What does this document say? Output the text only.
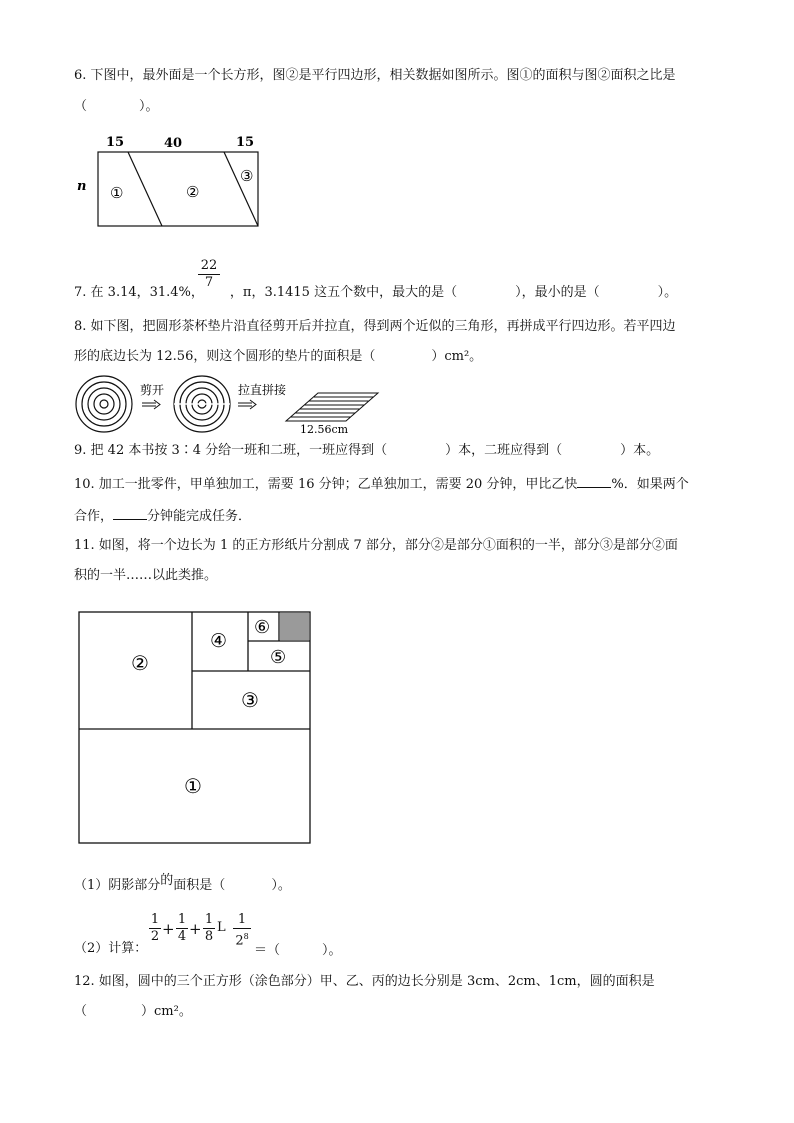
6. 下图中，最外面是一个长方形，图②是平行四边形，相关数据如图所示。图①的面积与图②面积之比是
（	）。
15	40	15
n ①	②
③
22
7
7. 在 3.14，31.4%， ，π，3.1415 这五个数中，最大的是（	），最小的是（	）。
8. 如下图，把圆形茶杯垫片沿直径剪开后并拉直，得到两个近似的三角形，再拼成平行四边形。若平四边
形的底边长为 12.56，则这个圆形的垫片的面积是（	）cm²。
剪开	拉直拼接
12.56cm
9. 把 42 本书按 3∶4 分给一班和二班，一班应得到（	）本，二班应得到（	）本。
10. 加工一批零件，甲单独加工，需要 16 分钟；乙单独加工，需要 20 分钟，甲比乙快	%．如果两个
合作，	分钟能完成任务．
11. 如图，将一个边长为 1 的正方形纸片分割成 7 部分，部分②是部分①面积的一半，部分③是部分②面
积的一半……以此类推。
①
②
③
④
⑤
⑥
（1）阴影部分的面积是（	）。
（2）计算：
1
2 +
1
4 +
1
8
L
1
$2^8$
＝（	）。
12. 如图，圆中的三个正方形（涂色部分）甲、乙、丙的边长分别是 3cm、2cm、1cm，圆的面积是
（	）cm²。
